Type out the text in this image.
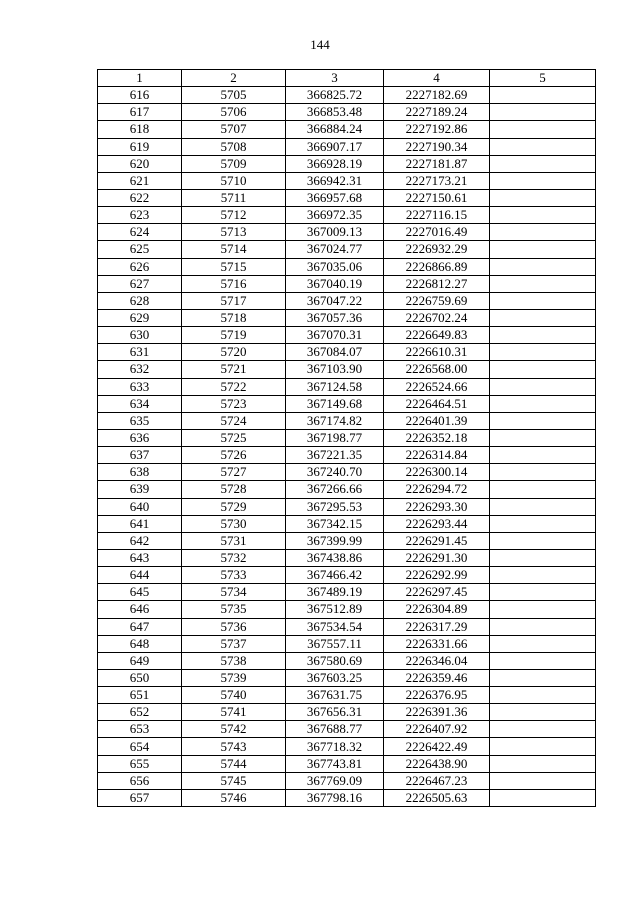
144
1	2	3	4	5
616	5705	366825.72	2227182.69	
617	5706	366853.48	2227189.24	
618	5707	366884.24	2227192.86	
619	5708	366907.17	2227190.34	
620	5709	366928.19	2227181.87	
621	5710	366942.31	2227173.21	
622	5711	366957.68	2227150.61	
623	5712	366972.35	2227116.15	
624	5713	367009.13	2227016.49	
625	5714	367024.77	2226932.29	
626	5715	367035.06	2226866.89	
627	5716	367040.19	2226812.27	
628	5717	367047.22	2226759.69	
629	5718	367057.36	2226702.24	
630	5719	367070.31	2226649.83	
631	5720	367084.07	2226610.31	
632	5721	367103.90	2226568.00	
633	5722	367124.58	2226524.66	
634	5723	367149.68	2226464.51	
635	5724	367174.82	2226401.39	
636	5725	367198.77	2226352.18	
637	5726	367221.35	2226314.84	
638	5727	367240.70	2226300.14	
639	5728	367266.66	2226294.72	
640	5729	367295.53	2226293.30	
641	5730	367342.15	2226293.44	
642	5731	367399.99	2226291.45	
643	5732	367438.86	2226291.30	
644	5733	367466.42	2226292.99	
645	5734	367489.19	2226297.45	
646	5735	367512.89	2226304.89	
647	5736	367534.54	2226317.29	
648	5737	367557.11	2226331.66	
649	5738	367580.69	2226346.04	
650	5739	367603.25	2226359.46	
651	5740	367631.75	2226376.95	
652	5741	367656.31	2226391.36	
653	5742	367688.77	2226407.92	
654	5743	367718.32	2226422.49	
655	5744	367743.81	2226438.90	
656	5745	367769.09	2226467.23	
657	5746	367798.16	2226505.63	
